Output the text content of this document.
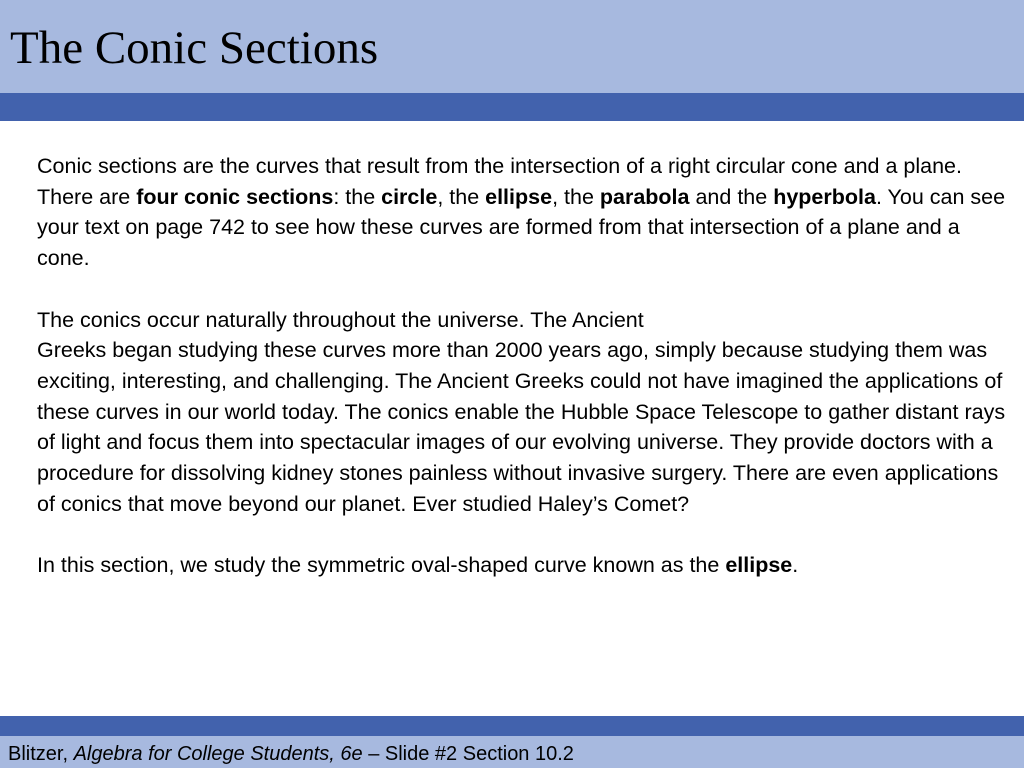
The Conic Sections

Conic sections are the curves that result from the intersection of a right circular cone and a plane. There are four conic sections: the circle, the ellipse, the parabola and the hyperbola. You can see your text on page 742 to see how these curves are formed from that intersection of a plane and a cone.

The conics occur naturally throughout the universe. The Ancient
Greeks began studying these curves more than 2000 years ago, simply because studying them was exciting, interesting, and challenging. The Ancient Greeks could not have imagined the applications of these curves in our world today. The conics enable the Hubble Space Telescope to gather distant rays of light and focus them into spectacular images of our evolving universe. They provide doctors with a procedure for dissolving kidney stones painless without invasive surgery. There are even applications of conics that move beyond our planet. Ever studied Haley’s Comet?

In this section, we study the symmetric oval-shaped curve known as the ellipse.

Blitzer, Algebra for College Students, 6e – Slide #2 Section 10.2
